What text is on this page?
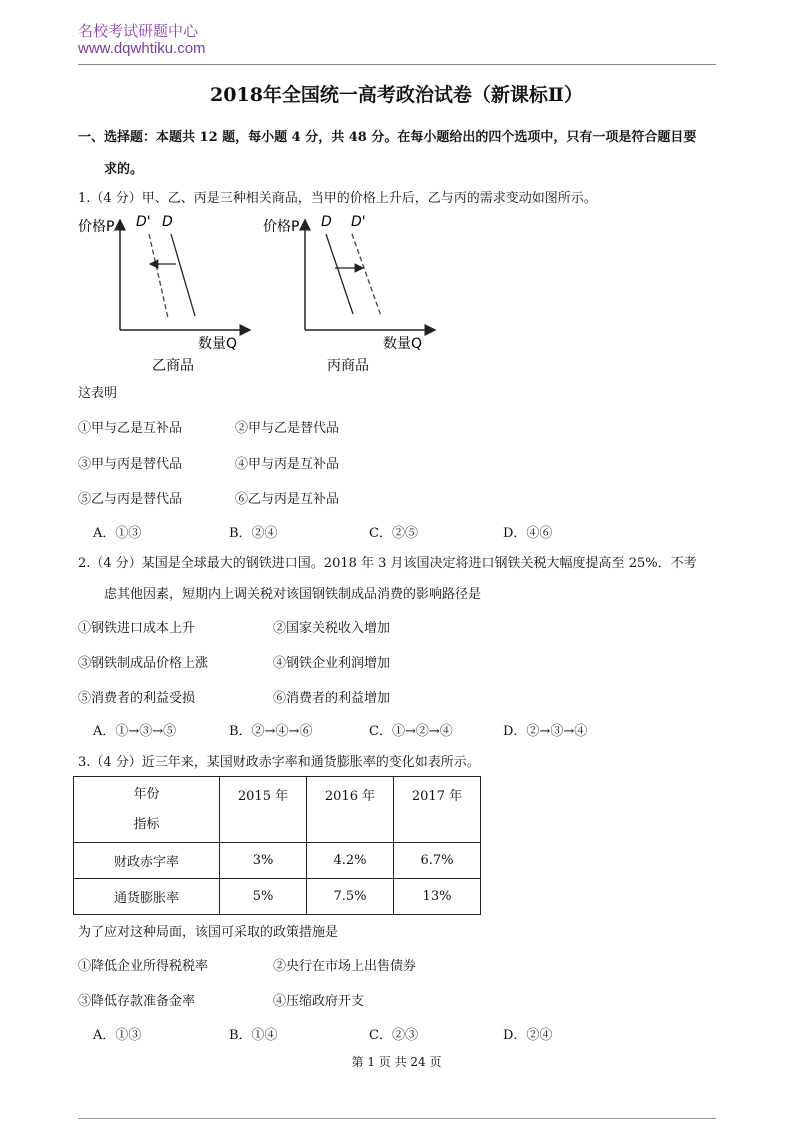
名校考试研题中心
www.dqwhtiku.com
2018年全国统一高考政治试卷（新课标Ⅱ）
一、选择题：本题共 12 题，每小题 4 分，共 48 分。在每小题给出的四个选项中，只有一项是符合题目要
求的。
1.（4 分）甲、乙、丙是三种相关商品，当甲的价格上升后，乙与丙的需求变动如图所示。
价格P
数量Q
D' D
乙商品
价格P
数量Q
D D'
丙商品
这表明
①甲与乙是互补品	②甲与乙是替代品
③甲与丙是替代品	④甲与丙是互补品
⑤乙与丙是替代品	⑥乙与丙是互补品
A．①③	B．②④	C．②⑤	D．④⑥
2.（4 分）某国是全球最大的钢铁进口国。2018 年 3 月该国决定将进口钢铁关税大幅度提高至 25%．不考
虑其他因素，短期内上调关税对该国钢铁制成品消费的影响路径是
①钢铁进口成本上升	②国家关税收入增加
③钢铁制成品价格上涨	④钢铁企业利润增加
⑤消费者的利益受损	⑥消费者的利益增加
A．①→③→⑤	B．②→④→⑥	C．①→②→④	D．②→③→④
3.（4 分）近三年来，某国财政赤字率和通货膨胀率的变化如表所示。
年份
指标	2015 年	2016 年	2017 年
财政赤字率	3%	4.2%	6.7%
通货膨胀率	5%	7.5%	13%
为了应对这种局面，该国可采取的政策措施是
①降低企业所得税税率	②央行在市场上出售债券
③降低存款准备金率	④压缩政府开支
A．①③	B．①④	C．②③	D．②④
第 1 页 共 24 页
